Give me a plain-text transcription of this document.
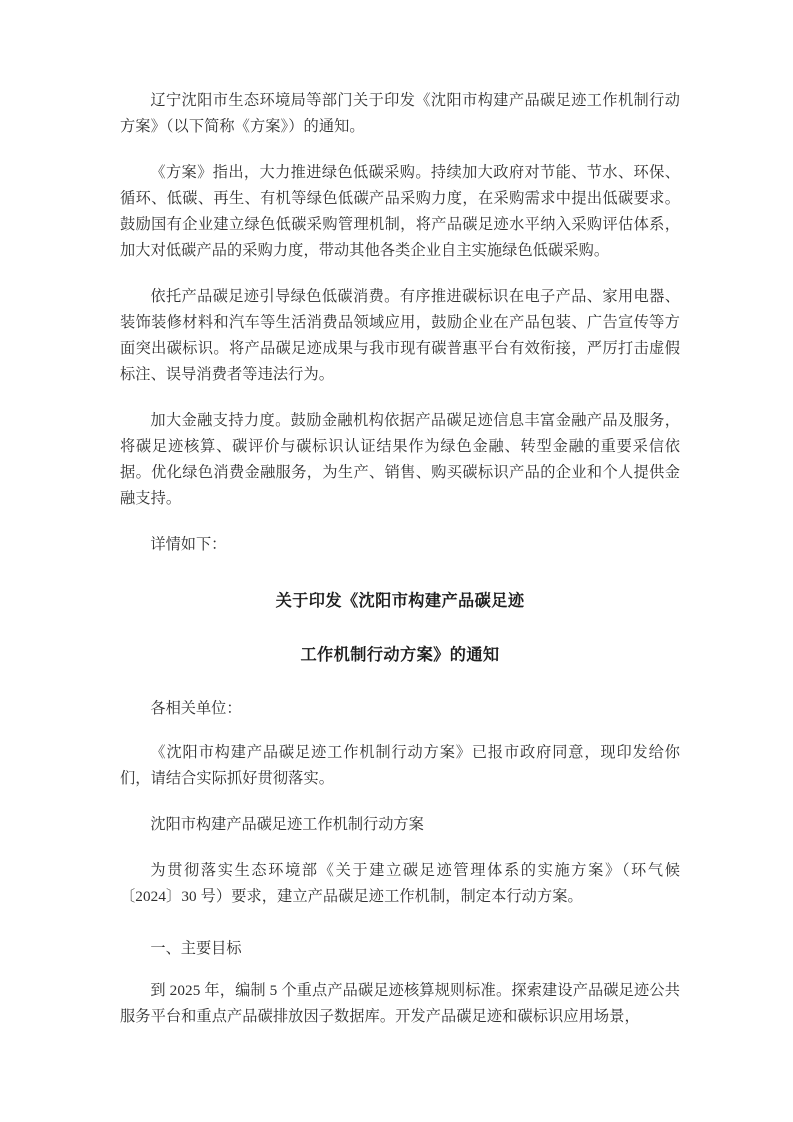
辽宁沈阳市生态环境局等部门关于印发《沈阳市构建产品碳足迹工作机制行动方案》（以下简称《方案》）的通知。

《方案》指出，大力推进绿色低碳采购。持续加大政府对节能、节水、环保、循环、低碳、再生、有机等绿色低碳产品采购力度，在采购需求中提出低碳要求。鼓励国有企业建立绿色低碳采购管理机制，将产品碳足迹水平纳入采购评估体系，加大对低碳产品的采购力度，带动其他各类企业自主实施绿色低碳采购。

依托产品碳足迹引导绿色低碳消费。有序推进碳标识在电子产品、家用电器、装饰装修材料和汽车等生活消费品领域应用，鼓励企业在产品包装、广告宣传等方面突出碳标识。将产品碳足迹成果与我市现有碳普惠平台有效衔接，严厉打击虚假标注、误导消费者等违法行为。

加大金融支持力度。鼓励金融机构依据产品碳足迹信息丰富金融产品及服务，将碳足迹核算、碳评价与碳标识认证结果作为绿色金融、转型金融的重要采信依据。优化绿色消费金融服务，为生产、销售、购买碳标识产品的企业和个人提供金融支持。

详情如下：

关于印发《沈阳市构建产品碳足迹
工作机制行动方案》的通知

各相关单位：

《沈阳市构建产品碳足迹工作机制行动方案》已报市政府同意，现印发给你们，请结合实际抓好贯彻落实。

沈阳市构建产品碳足迹工作机制行动方案

为贯彻落实生态环境部《关于建立碳足迹管理体系的实施方案》（环气候〔2024〕30 号）要求，建立产品碳足迹工作机制，制定本行动方案。

一、主要目标

到 2025 年，编制 5 个重点产品碳足迹核算规则标准。探索建设产品碳足迹公共服务平台和重点产品碳排放因子数据库。开发产品碳足迹和碳标识应用场景，
